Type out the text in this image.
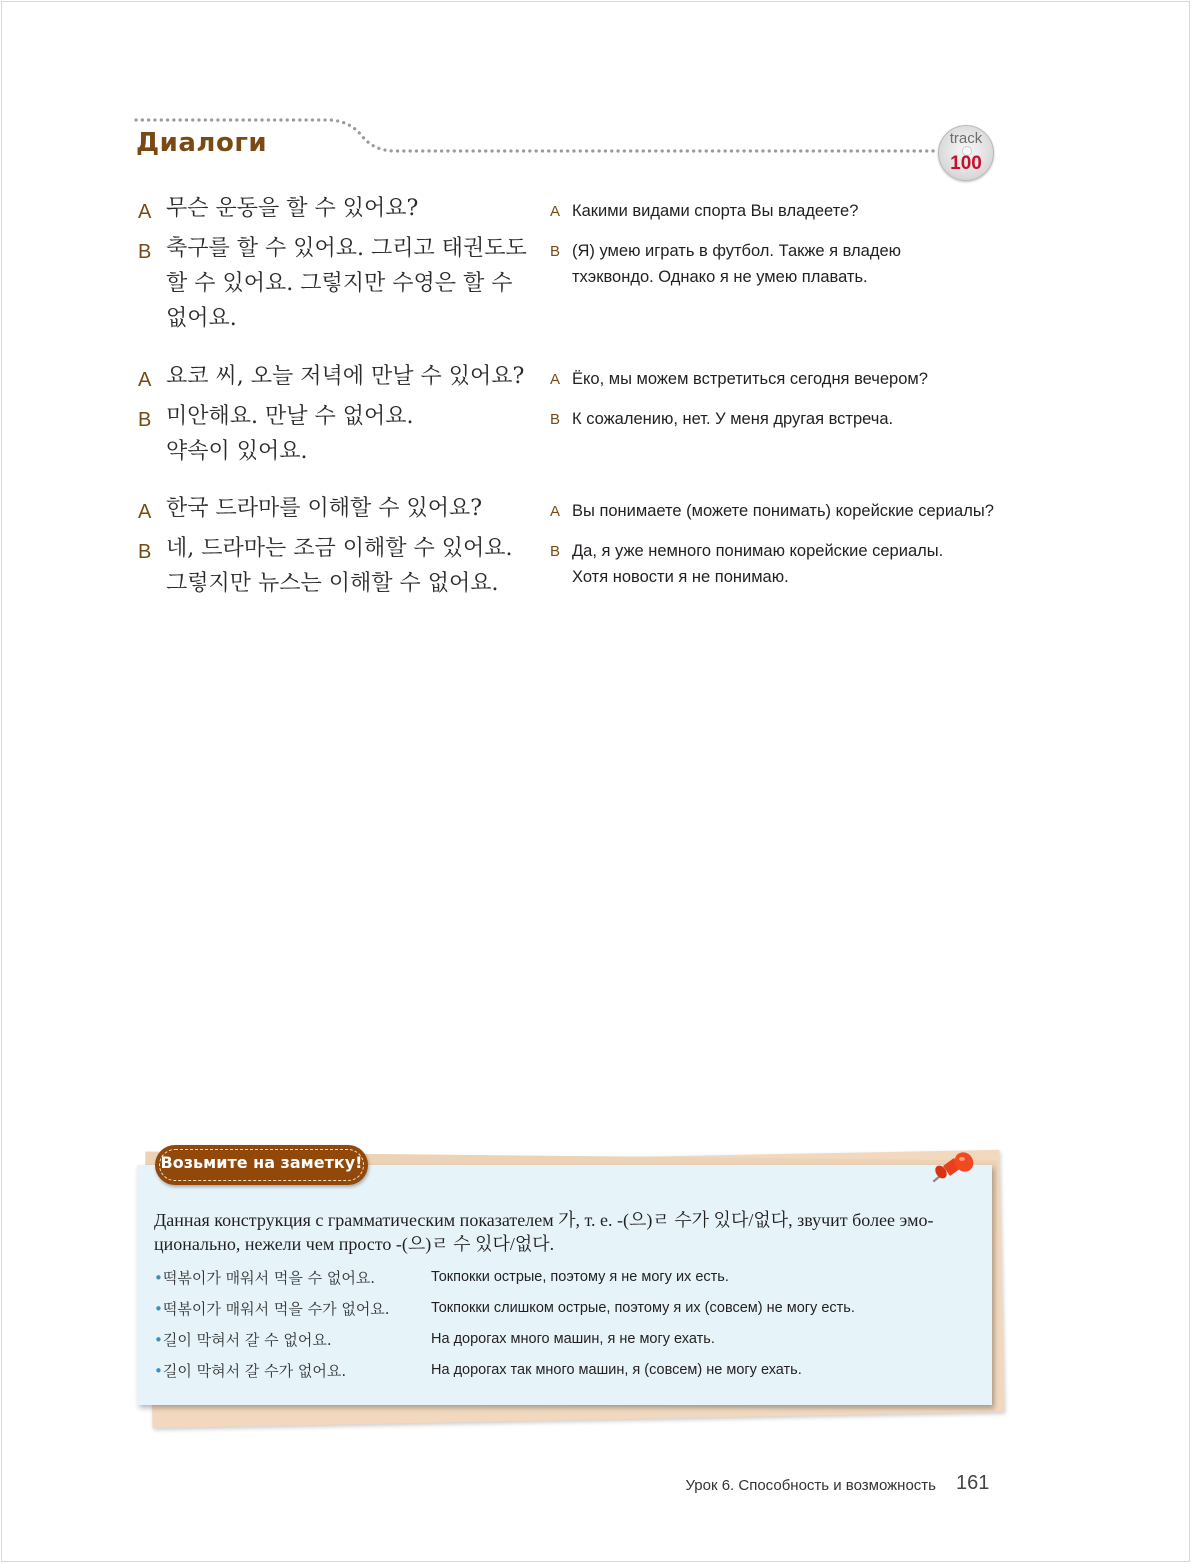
Диалоги	track
100
A 무슨 운동을 할 수 있어요?
B 축구를 할 수 있어요. 그리고 태권도도
할 수 있어요. 그렇지만 수영은 할 수
없어요.
A Какими видами спорта Вы владеете?
B (Я) умею играть в футбол. Также я владею
тхэквондо. Однако я не умею плавать.
A 요코 씨, 오늘 저녁에 만날 수 있어요?
B 미안해요. 만날 수 없어요.
약속이 있어요.
A Ёко, мы можем встретиться сегодня вечером?
B К сожалению, нет. У меня другая встреча.
A 한국 드라마를 이해할 수 있어요?
B 네, 드라마는 조금 이해할 수 있어요.
그렇지만 뉴스는 이해할 수 없어요.
A Вы понимаете (можете понимать) корейские сериалы?
B Да, я уже немного понимаю корейские сериалы.
Хотя новости я не понимаю.
Возьмите на заметку!
Данная конструкция с грамматическим показателем 가, т. е. -(으)ㄹ 수가 있다/없다, звучит более эмо-
ционально, нежели чем просто -(으)ㄹ 수 있다/없다.
•떡볶이가 매워서 먹을 수 없어요.	Токпокки острые, поэтому я не могу их есть.
•떡볶이가 매워서 먹을 수가 없어요.	Токпокки слишком острые, поэтому я их (совсем) не могу есть.
•길이 막혀서 갈 수 없어요.	На дорогах много машин, я не могу ехать.
•길이 막혀서 갈 수가 없어요.	На дорогах так много машин, я (совсем) не могу ехать.
Урок 6. Способность и возможность 161
